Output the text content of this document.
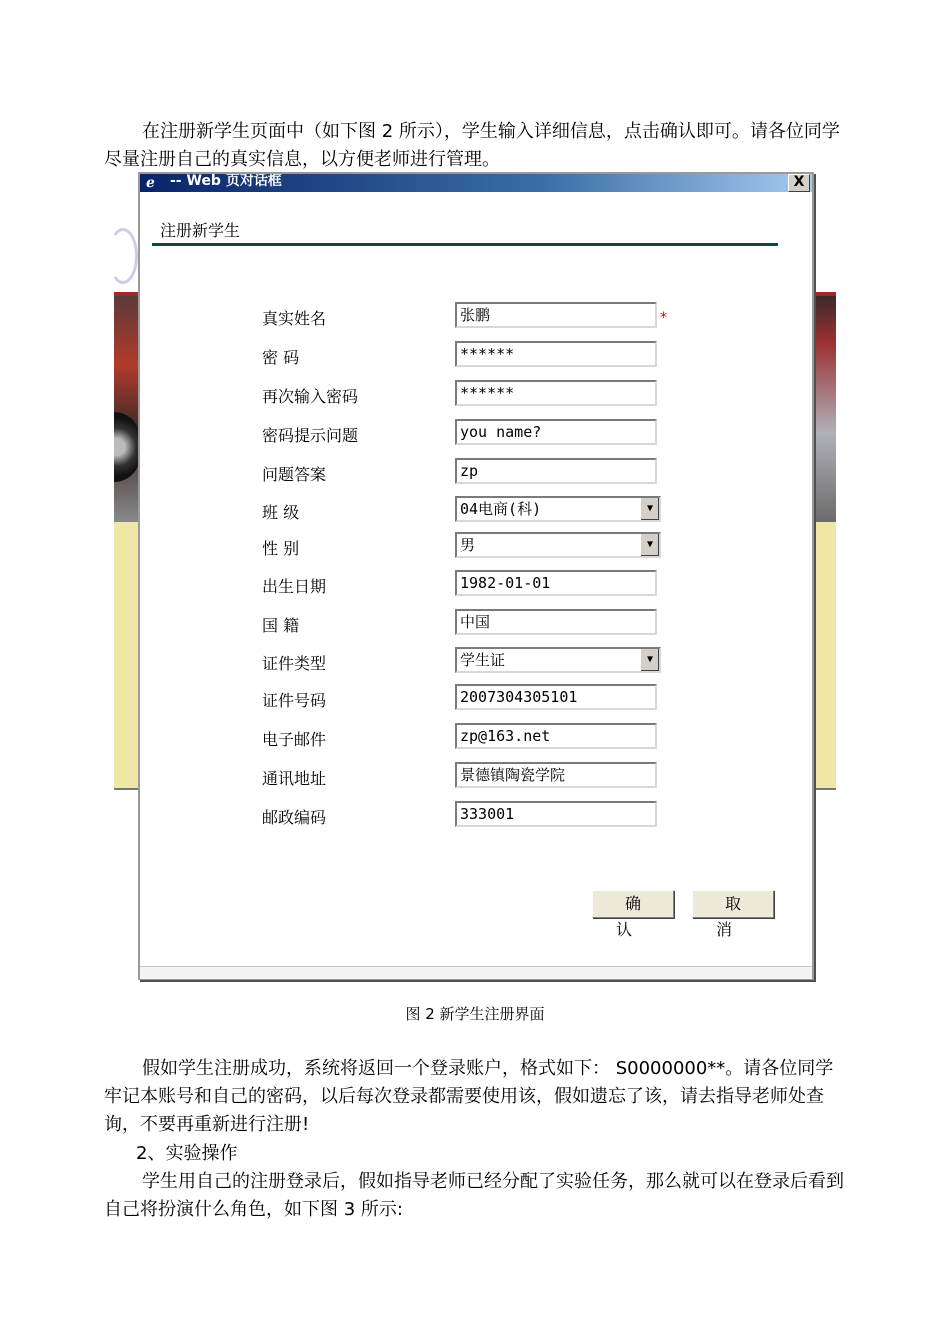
在注册新学生页面中（如下图 2 所示），学生输入详细信息，点击确认即可。请各位同学尽量注册自己的真实信息，以方便老师进行管理。

ℯ	-- Web 页对话框	X
注册新学生
真实姓名	张鹏	*
密 码	******
再次输入密码	******
密码提示问题	you name?
问题答案	zp
班 级	04电商(科)	▼
性 别	男	▼
出生日期	1982-01-01
国 籍	中国
证件类型	学生证	▼
证件号码	2007304305101
电子邮件	zp@163.net
通讯地址	景德镇陶瓷学院
邮政编码	333001
确认
取消
图 2 新学生注册界面

假如学生注册成功，系统将返回一个登录账户，格式如下： S0000000**。请各位同学牢记本账号和自己的密码，以后每次登录都需要使用该，假如遗忘了该，请去指导老师处查询，不要再重新进行注册!

2、实验操作

学生用自己的注册登录后，假如指导老师已经分配了实验任务，那么就可以在登录后看到自己将扮演什么角色，如下图 3 所示:
